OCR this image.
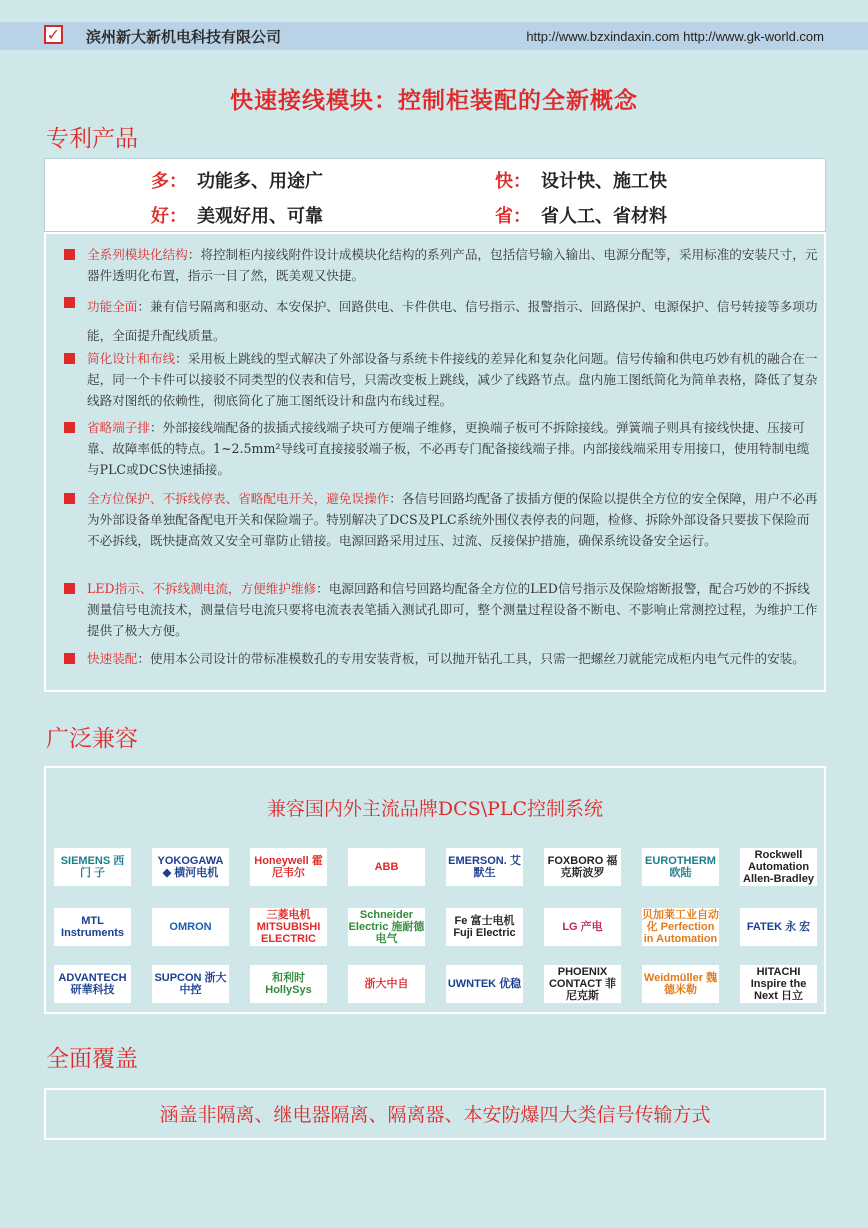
✓ 滨州新大新机电科技有限公司	http://www.bzxindaxin.com http://www.gk-world.com
快速接线模块：控制柜装配的全新概念
专利产品
多： 功能多、用途广	快： 设计快、施工快
好： 美观好用、可靠	省： 省人工、省材料
全系列模块化结构：将控制柜内接线附件设计成模块化结构的系列产品，包括信号输入输出、电源分配等，采用标准的安装尺寸，元器件透明化布置，指示一目了然，既美观又快捷。
功能全面：兼有信号隔离和驱动、本安保护、回路供电、卡件供电、信号指示、报警指示、回路保护、电源保护、信号转接等多项功能，全面提升配线质量。
简化设计和布线：采用板上跳线的型式解决了外部设备与系统卡件接线的差异化和复杂化问题。信号传输和供电巧妙有机的融合在一起，同一个卡件可以接驳不同类型的仪表和信号，只需改变板上跳线，减少了线路节点。盘内施工图纸简化为简单表格，降低了复杂线路对图纸的依赖性，彻底简化了施工图纸设计和盘内布线过程。
省略端子排：外部接线端配备的拔插式接线端子块可方便端子维修，更换端子板可不拆除接线。弹簧端子则具有接线快捷、压接可靠、故障率低的特点。1~2.5mm²导线可直接接驳端子板，不必再专门配备接线端子排。内部接线端采用专用接口，使用特制电缆与PLC或DCS快速插接。
全方位保护、不拆线停表、省略配电开关，避免误操作：各信号回路均配备了拔插方便的保险以提供全方位的安全保障，用户不必再为外部设备单独配备配电开关和保险端子。特别解决了DCS及PLC系统外围仪表停表的问题，检修、拆除外部设备只要拔下保险而不必拆线，既快捷高效又安全可靠防止错接。电源回路采用过压、过流、反接保护措施，确保系统设备安全运行。
LED指示、不拆线测电流，方便维护维修：电源回路和信号回路均配备全方位的LED信号指示及保险熔断报警，配合巧妙的不拆线测量信号电流技术，测量信号电流只要将电流表表笔插入测试孔即可，整个测量过程设备不断电、不影响止常测控过程，为维护工作提供了极大方便。
快速装配：使用本公司设计的带标准模数孔的专用安装背板，可以抛开钻孔工具，只需一把螺丝刀就能完成柜内电气元件的安装。
广泛兼容
兼容国内外主流品牌DCS\PLC控制系统
SIEMENS 西 门 子
YOKOGAWA ◆ 横河电机
Honeywell 霍尼韦尔	ABB	EMERSON. 艾默生
FOXBORO 福克斯波罗
EUROTHERM 欧陆
Rockwell Automation Allen-Bradley
MTL Instruments	OMRON
三菱电机 MITSUBISHI ELECTRIC
Schneider Electric 施耐德电气
Fe 富士电机 Fuji Electric	LG 产电
贝加莱工业自动化 Perfection in Automation
FATEK 永 宏
ADVANTECH 研華科技
SUPCON 浙大中控
和利时 HollySys	浙大中自	UWNTEK 优稳
PHOENIX CONTACT 菲尼克斯
Weidmüller 魏德米勒
HITACHI Inspire the Next 日立
全面覆盖
涵盖非隔离、继电器隔离、隔离器、本安防爆四大类信号传输方式
